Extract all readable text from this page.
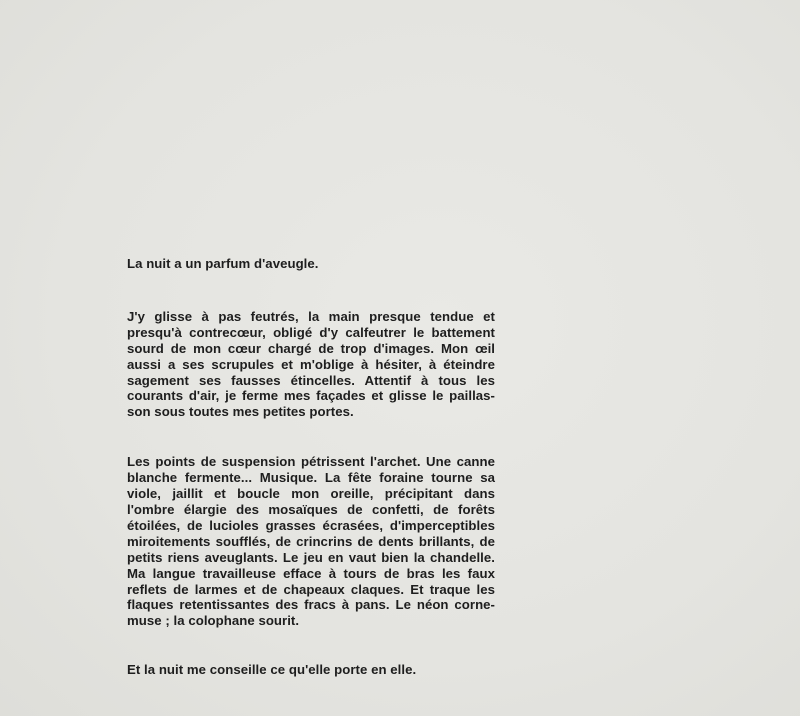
La nuit a un parfum d'aveugle.
J'y glisse à pas feutrés, la main presque tendue et
presqu'à contrecœur, obligé d'y calfeutrer le battement
sourd de mon cœur chargé de trop d'images. Mon œil
aussi a ses scrupules et m'oblige à hésiter, à éteindre
sagement ses fausses étincelles. Attentif à tous les
courants d'air, je ferme mes façades et glisse le paillas-
son sous toutes mes petites portes.
Les points de suspension pétrissent l'archet. Une canne
blanche fermente... Musique. La fête foraine tourne sa
viole, jaillit et boucle mon oreille, précipitant dans
l'ombre élargie des mosaïques de confetti, de forêts
étoilées, de lucioles grasses écrasées, d'imperceptibles
miroitements soufflés, de crincrins de dents brillants, de
petits riens aveuglants. Le jeu en vaut bien la chandelle.
Ma langue travailleuse efface à tours de bras les faux
reflets de larmes et de chapeaux claques. Et traque les
flaques retentissantes des fracs à pans. Le néon corne-
muse ; la colophane sourit.
Et la nuit me conseille ce qu'elle porte en elle.
